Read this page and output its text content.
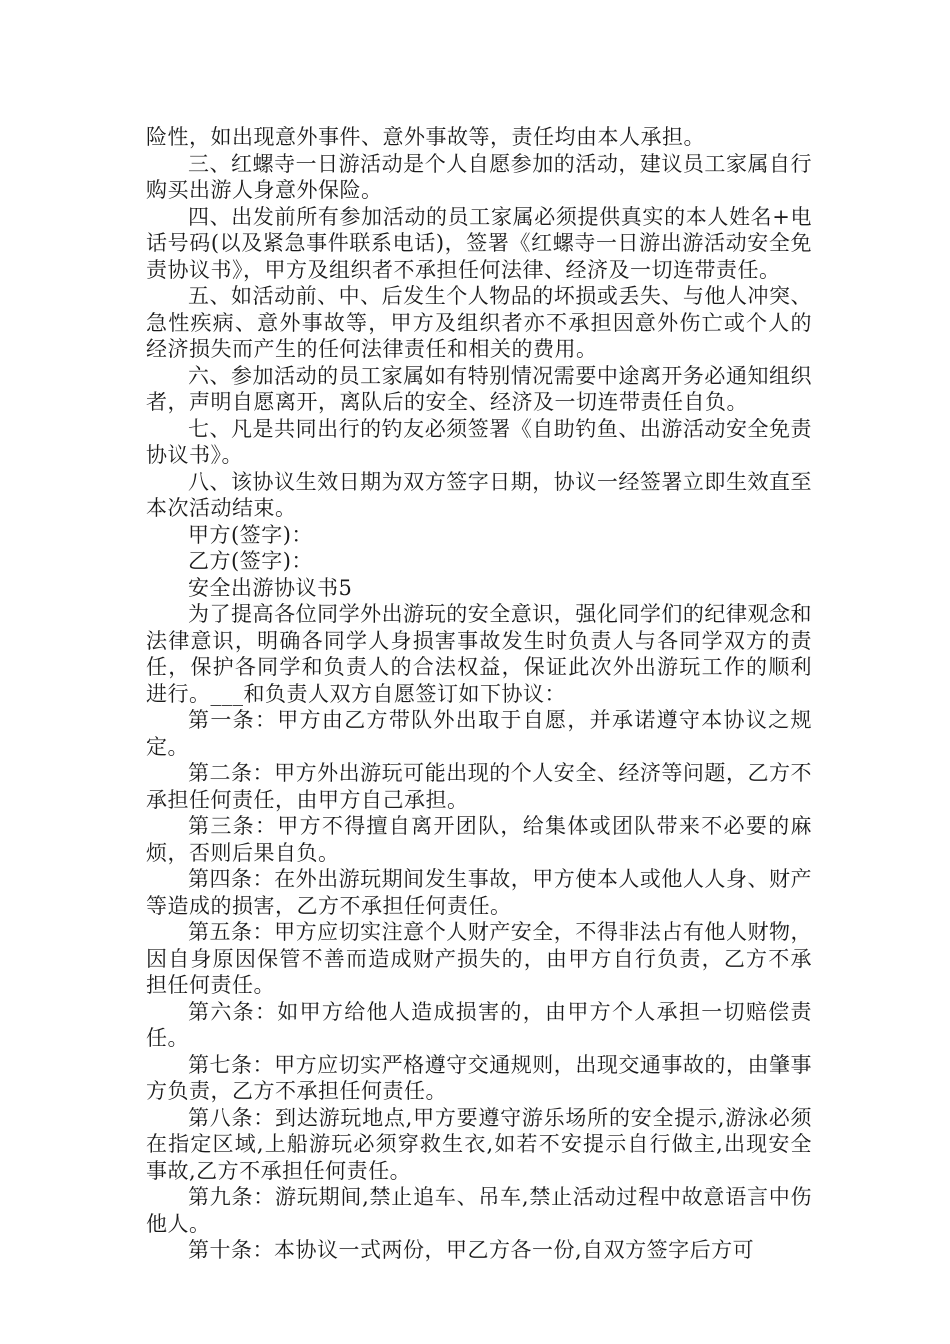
险性，如出现意外事件、意外事故等，责任均由本人承担。

三、红螺寺一日游活动是个人自愿参加的活动，建议员工家属自行购买出游人身意外保险。

四、出发前所有参加活动的员工家属必须提供真实的本人姓名+电话号码(以及紧急事件联系电话)，签署《红螺寺一日游出游活动安全免责协议书》，甲方及组织者不承担任何法律、经济及一切连带责任。

五、如活动前、中、后发生个人物品的坏损或丢失、与他人冲突、急性疾病、意外事故等，甲方及组织者亦不承担因意外伤亡或个人的经济损失而产生的任何法律责任和相关的费用。

六、参加活动的员工家属如有特别情况需要中途离开务必通知组织者，声明自愿离开，离队后的安全、经济及一切连带责任自负。

七、凡是共同出行的钓友必须签署《自助钓鱼、出游活动安全免责协议书》。

八、该协议生效日期为双方签字日期，协议一经签署立即生效直至本次活动结束。

甲方(签字)：

乙方(签字)：

安全出游协议书5

为了提高各位同学外出游玩的安全意识，强化同学们的纪律观念和法律意识，明确各同学人身损害事故发生时负责人与各同学双方的责任，保护各同学和负责人的合法权益，保证此次外出游玩工作的顺利进行。___和负责人双方自愿签订如下协议：

第一条：甲方由乙方带队外出取于自愿，并承诺遵守本协议之规定。

第二条：甲方外出游玩可能出现的个人安全、经济等问题，乙方不承担任何责任，由甲方自己承担。

第三条：甲方不得擅自离开团队，给集体或团队带来不必要的麻烦，否则后果自负。

第四条：在外出游玩期间发生事故，甲方使本人或他人人身、财产等造成的损害，乙方不承担任何责任。

第五条：甲方应切实注意个人财产安全，不得非法占有他人财物，因自身原因保管不善而造成财产损失的，由甲方自行负责，乙方不承担任何责任。

第六条：如甲方给他人造成损害的，由甲方个人承担一切赔偿责任。

第七条：甲方应切实严格遵守交通规则，出现交通事故的，由肇事方负责，乙方不承担任何责任。

第八条：到达游玩地点,甲方要遵守游乐场所的安全提示,游泳必须在指定区域,上船游玩必须穿救生衣,如若不安提示自行做主,出现安全事故,乙方不承担任何责任。

第九条：游玩期间,禁止追车、吊车,禁止活动过程中故意语言中伤他人。

第十条：本协议一式两份，甲乙方各一份,自双方签字后方可
